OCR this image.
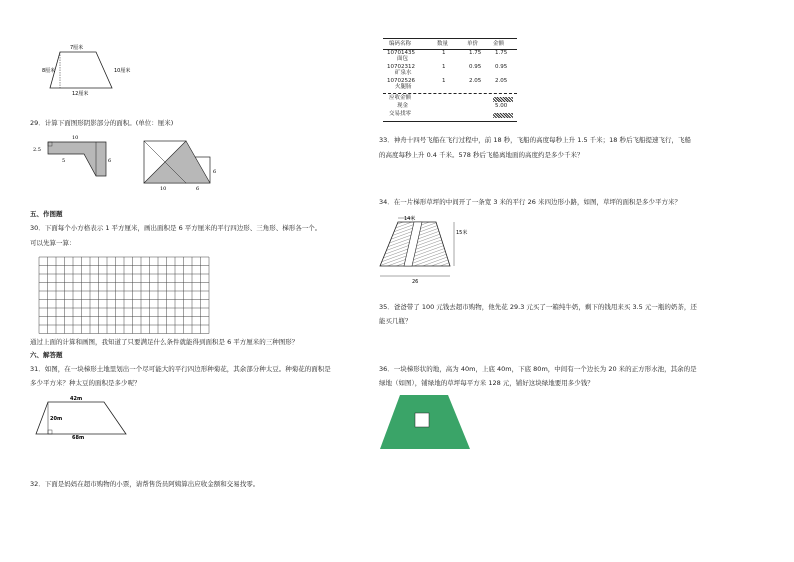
7厘米
8厘米	10厘米
12厘米
29．计算下面图形阴影部分的面积。(单位：厘米)
10
2.5
5	6
10	6
6
五、作图题
30．下面每个小方格表示 1 平方厘米，画出面积是 6 平方厘米的平行四边形、三角形、梯形各一个。
可以先算一算：
通过上面的计算和画图，我知道了只要满足什么条件就能得到面积是 6 平方厘米的三种图形？
六、解答题
31．如图，在一块梯形土地里划出一个尽可能大的平行四边形种菊花，其余部分种太豆。种菊花的面积是
多少平方米？种太豆的面积是多少呢？
42m
20m
68m
32．下面是妈妈在超市购物的小票，请帮售货员阿姨算出应收金额和交易找零。
编码名称	数量	单价	金额
10701435
面包
1	1.75	1.75
10702312
矿泉水
1	0.95	0.95
10702526
火腿肠
1	2.05	2.05
应收金额
现金	5.00
交易找零
33．神舟十四号飞船在飞行过程中，前 18 秒，飞船的高度每秒上升 1.5 千米；18 秒后飞船提速飞行，飞船
的高度每秒上升 0.4 千米。578 秒后飞船离地面的高度约是多少千米？
34．在一片梯形草坪的中间开了一条宽 3 米的平行 26 米四边形小路，如图，草坪的面积是多少平方米？
14米
15米
26
35．爸爸带了 100 元钱去超市购物，他先花 29.3 元买了一箱纯牛奶，剩下的钱用来买 3.5 元一瓶的奶茶，还
能买几瓶？
36．一块梯形状的地，高为 40m，上底 40m，下底 80m，中间有一个边长为 20 米的正方形水池，其余的是
绿地（如图），铺绿地的草坪每平方米 128 元，铺好这块绿地要用多少钱？
